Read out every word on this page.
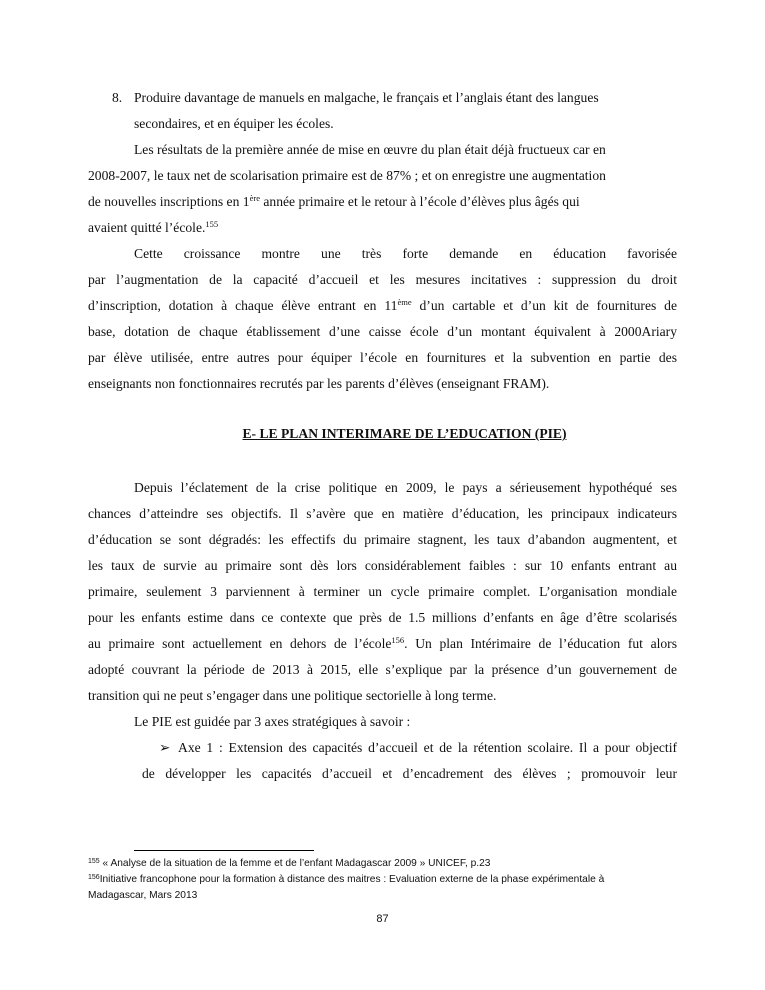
8. Produire davantage de manuels en malgache, le français et l’anglais étant des langues
secondaires, et en équiper les écoles.
Les résultats de la première année de mise en œuvre du plan était déjà fructueux car en
2008-2007, le taux net de scolarisation primaire est de 87% ; et on enregistre une augmentation
de nouvelles inscriptions en 1ère année primaire et le retour à l’école d’élèves plus âgés qui
avaient quitté l’école.$^{155}$
Cette croissance montre une très forte demande en éducation favorisée
par l’augmentation de la capacité d’accueil et les mesures incitatives : suppression du droit
d’inscription, dotation à chaque élève entrant en 11ème d’un cartable et d’un kit de fournitures de
base, dotation de chaque établissement d’une caisse école d’un montant équivalent à 2000Ariary
par élève utilisée, entre autres pour équiper l’école en fournitures et la subvention en partie des
enseignants non fonctionnaires recrutés par les parents d’élèves (enseignant FRAM).
E- LE PLAN INTERIMARE DE L’EDUCATION (PIE)
Depuis l’éclatement de la crise politique en 2009, le pays a sérieusement hypothéqué ses
chances d’atteindre ses objectifs. Il s’avère que en matière d’éducation, les principaux indicateurs
d’éducation se sont dégradés: les effectifs du primaire stagnent, les taux d’abandon augmentent, et
les taux de survie au primaire sont dès lors considérablement faibles : sur 10 enfants entrant au
primaire, seulement 3 parviennent à terminer un cycle primaire complet. L’organisation mondiale
pour les enfants estime dans ce contexte que près de 1.5 millions d’enfants en âge d’être scolarisés
au primaire sont actuellement en dehors de l’école$^{156}$. Un plan Intérimaire de l’éducation fut alors
adopté couvrant la période de 2013 à 2015, elle s’explique par la présence d’un gouvernement de
transition qui ne peut s’engager dans une politique sectorielle à long terme.
Le PIE est guidée par 3 axes stratégiques à savoir :
➢ Axe 1 : Extension des capacités d’accueil et de la rétention scolaire. Il a pour objectif
de développer les capacités d’accueil et d’encadrement des élèves ; promouvoir leur
$^{155}$ « Analyse de la situation de la femme et de l’enfant Madagascar 2009 » UNICEF, p.23
$^{156}$Initiative francophone pour la formation à distance des maitres : Evaluation externe de la phase expérimentale à
Madagascar, Mars 2013
87
